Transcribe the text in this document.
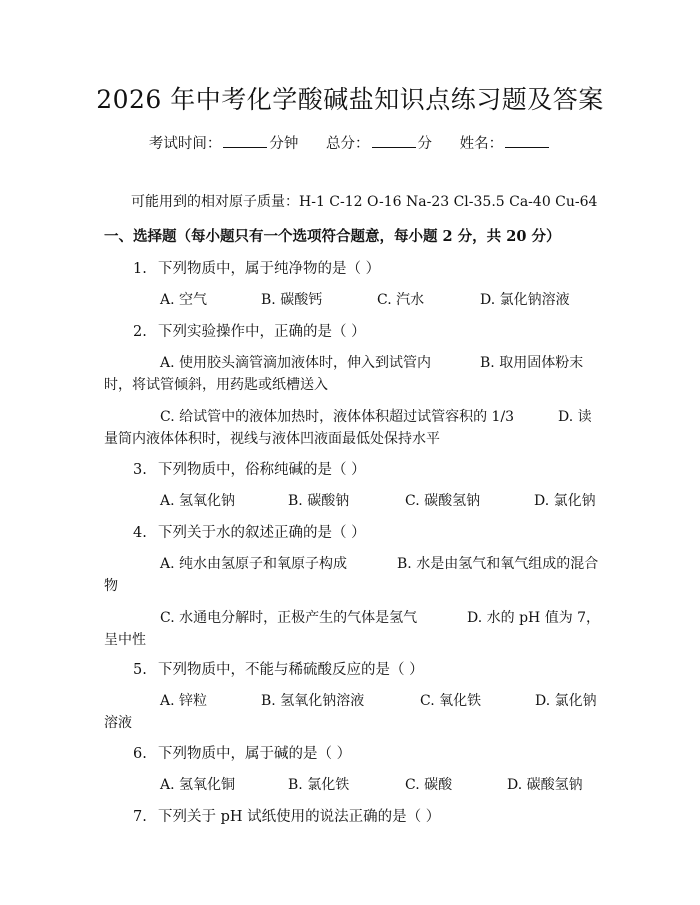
2026 年中考化学酸碱盐知识点练习题及答案
考试时间：	分钟 总分：	分 姓名：
可能用到的相对原子质量：H-1 C-12 O-16 Na-23 Cl-35.5 Ca-40 Cu-64
一、选择题（每小题只有一个选项符合题意，每小题 2 分，共 20 分）
1. 下列物质中，属于纯净物的是（ ）
A. 空气	B. 碳酸钙	C. 汽水	D. 氯化钠溶液
2. 下列实验操作中，正确的是（ ）
A. 使用胶头滴管滴加液体时，伸入到试管内	B. 取用固体粉末
时，将试管倾斜，用药匙或纸槽送入
C. 给试管中的液体加热时，液体体积超过试管容积的 1/3	D. 读
量筒内液体体积时，视线与液体凹液面最低处保持水平
3. 下列物质中，俗称纯碱的是（ ）
A. 氢氧化钠	B. 碳酸钠	C. 碳酸氢钠	D. 氯化钠
4. 下列关于水的叙述正确的是（ ）
A. 纯水由氢原子和氧原子构成	B. 水是由氢气和氧气组成的混合
物
C. 水通电分解时，正极产生的气体是氢气	D. 水的 pH 值为 7，
呈中性
5. 下列物质中，不能与稀硫酸反应的是（ ）
A. 锌粒	B. 氢氧化钠溶液	C. 氧化铁	D. 氯化钠
溶液
6. 下列物质中，属于碱的是（ ）
A. 氢氧化铜	B. 氯化铁	C. 碳酸	D. 碳酸氢钠
7. 下列关于 pH 试纸使用的说法正确的是（ ）
